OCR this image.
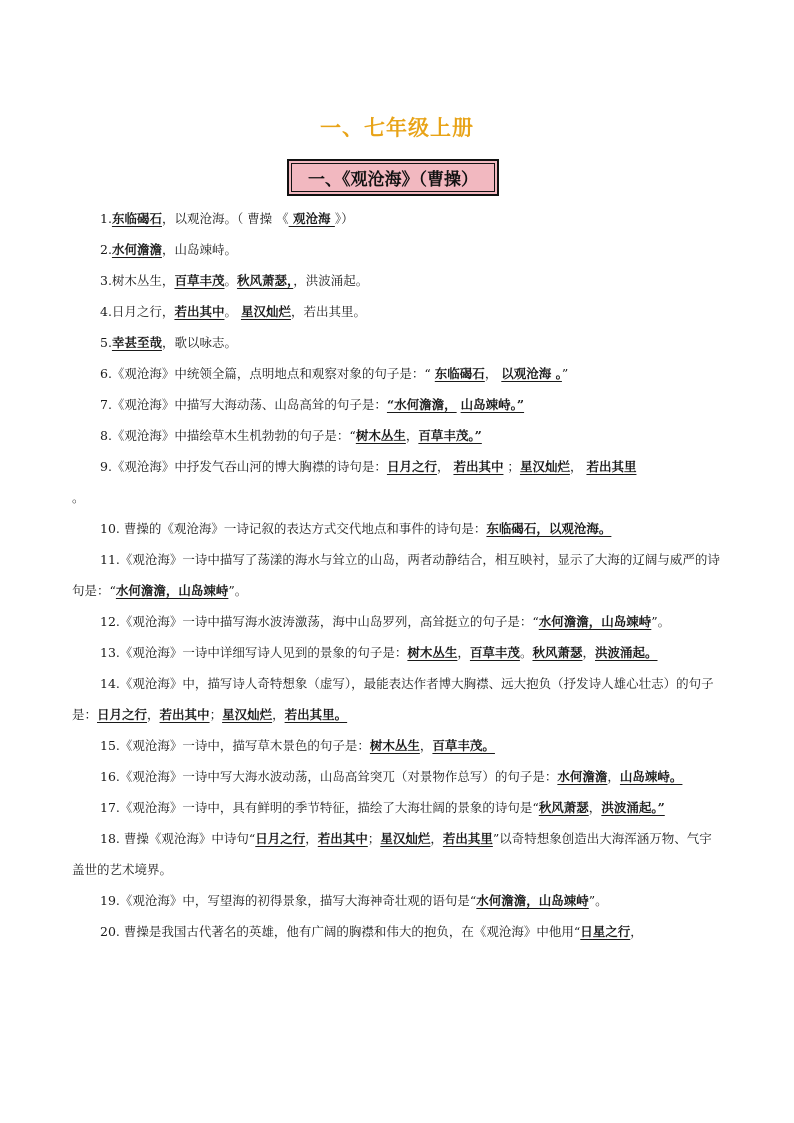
一、七年级上册
一、《观沧海》（曹操）

1.东临碣石，以观沧海。（ 曹操 《 观沧海 》）

2.水何澹澹，山岛竦峙。

3.树木丛生，百草丰茂。秋风萧瑟，，洪波涌起。

4.日月之行，若出其中。 星汉灿烂，若出其里。

5.幸甚至哉，歌以咏志。

6.《观沧海》中统领全篇，点明地点和观察对象的句子是：“ 东临碣石， 以观沧海 。”

7.《观沧海》中描写大海动荡、山岛高耸的句子是：“水何澹澹， 山岛竦峙。”

8.《观沧海》中描绘草木生机勃勃的句子是：“树木丛生，百草丰茂。”

9.《观沧海》中抒发气吞山河的博大胸襟的诗句是：日月之行， 若出其中 ；星汉灿烂， 若出其里

。

10. 曹操的《观沧海》一诗记叙的表达方式交代地点和事件的诗句是：东临碣石，以观沧海。

11.《观沧海》一诗中描写了荡漾的海水与耸立的山岛，两者动静结合，相互映衬，显示了大海的辽阔与威严的诗句是：“水何澹澹，山岛竦峙”。

12.《观沧海》一诗中描写海水波涛激荡，海中山岛罗列，高耸挺立的句子是：“水何澹澹，山岛竦峙”。

13.《观沧海》一诗中详细写诗人见到的景象的句子是：树木丛生，百草丰茂。秋风萧瑟，洪波涌起。

14.《观沧海》中，描写诗人奇特想象（虚写），最能表达作者博大胸襟、远大抱负（抒发诗人雄心壮志）的句子是：日月之行，若出其中；星汉灿烂，若出其里。

15.《观沧海》一诗中，描写草木景色的句子是：树木丛生，百草丰茂。

16.《观沧海》一诗中写大海水波动荡，山岛高耸突兀（对景物作总写）的句子是：水何澹澹，山岛竦峙。

17.《观沧海》一诗中，具有鲜明的季节特征，描绘了大海壮阔的景象的诗句是“秋风萧瑟，洪波涌起。”

18. 曹操《观沧海》中诗句“日月之行，若出其中；星汉灿烂，若出其里”以奇特想象创造出大海浑涵万物、气宇盖世的艺术境界。

19.《观沧海》中，写望海的初得景象，描写大海神奇壮观的语句是“水何澹澹，山岛竦峙”。

20. 曹操是我国古代著名的英雄，他有广阔的胸襟和伟大的抱负，在《观沧海》中他用“日星之行，
